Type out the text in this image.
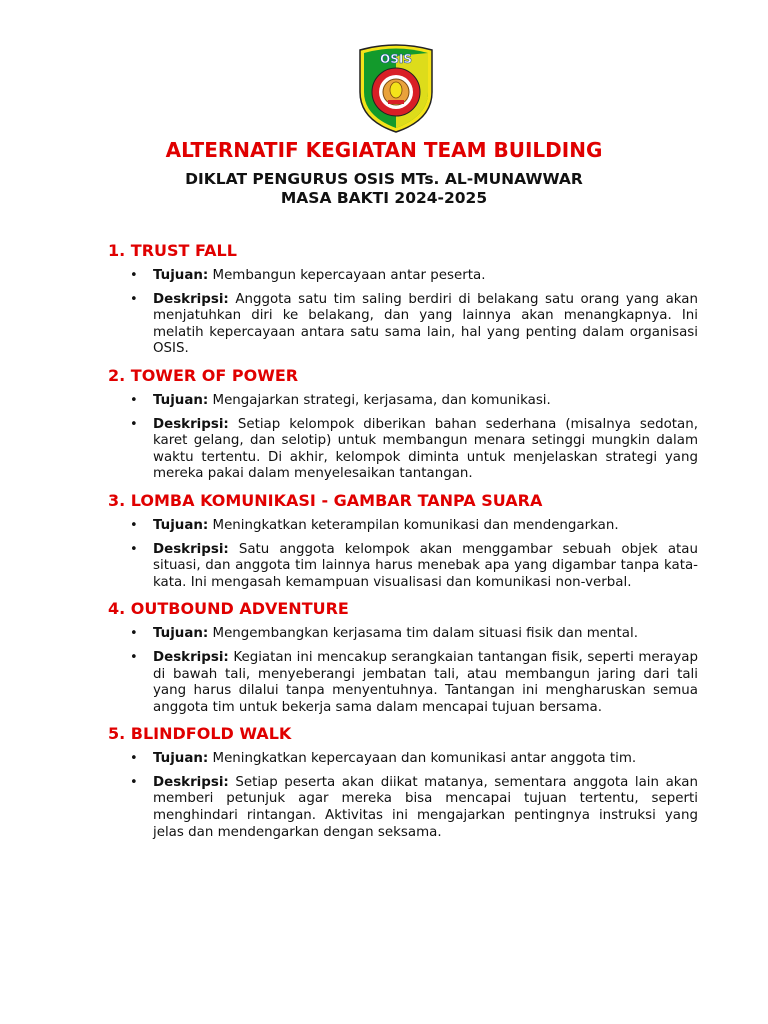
OSIS
ALTERNATIF KEGIATAN TEAM BUILDING
DIKLAT PENGURUS OSIS MTs. AL-MUNAWWAR
MASA BAKTI 2024-2025
1. TRUST FALL
• Tujuan: Membangun kepercayaan antar peserta.
• Deskripsi: Anggota satu tim saling berdiri di belakang satu orang yang akan menjatuhkan diri ke belakang, dan yang lainnya akan menangkapnya. Ini melatih kepercayaan antara satu sama lain, hal yang penting dalam organisasi OSIS.
2. TOWER OF POWER
• Tujuan: Mengajarkan strategi, kerjasama, dan komunikasi.
• Deskripsi: Setiap kelompok diberikan bahan sederhana (misalnya sedotan, karet gelang, dan selotip) untuk membangun menara setinggi mungkin dalam waktu tertentu. Di akhir, kelompok diminta untuk menjelaskan strategi yang mereka pakai dalam menyelesaikan tantangan.
3. LOMBA KOMUNIKASI - GAMBAR TANPA SUARA
• Tujuan: Meningkatkan keterampilan komunikasi dan mendengarkan.
• Deskripsi: Satu anggota kelompok akan menggambar sebuah objek atau situasi, dan anggota tim lainnya harus menebak apa yang digambar tanpa kata-kata. Ini mengasah kemampuan visualisasi dan komunikasi non-verbal.
4. OUTBOUND ADVENTURE
• Tujuan: Mengembangkan kerjasama tim dalam situasi fisik dan mental.
• Deskripsi: Kegiatan ini mencakup serangkaian tantangan fisik, seperti merayap di bawah tali, menyeberangi jembatan tali, atau membangun jaring dari tali yang harus dilalui tanpa menyentuhnya. Tantangan ini mengharuskan semua anggota tim untuk bekerja sama dalam mencapai tujuan bersama.
5. BLINDFOLD WALK
• Tujuan: Meningkatkan kepercayaan dan komunikasi antar anggota tim.
• Deskripsi: Setiap peserta akan diikat matanya, sementara anggota lain akan memberi petunjuk agar mereka bisa mencapai tujuan tertentu, seperti menghindari rintangan. Aktivitas ini mengajarkan pentingnya instruksi yang jelas dan mendengarkan dengan seksama.
